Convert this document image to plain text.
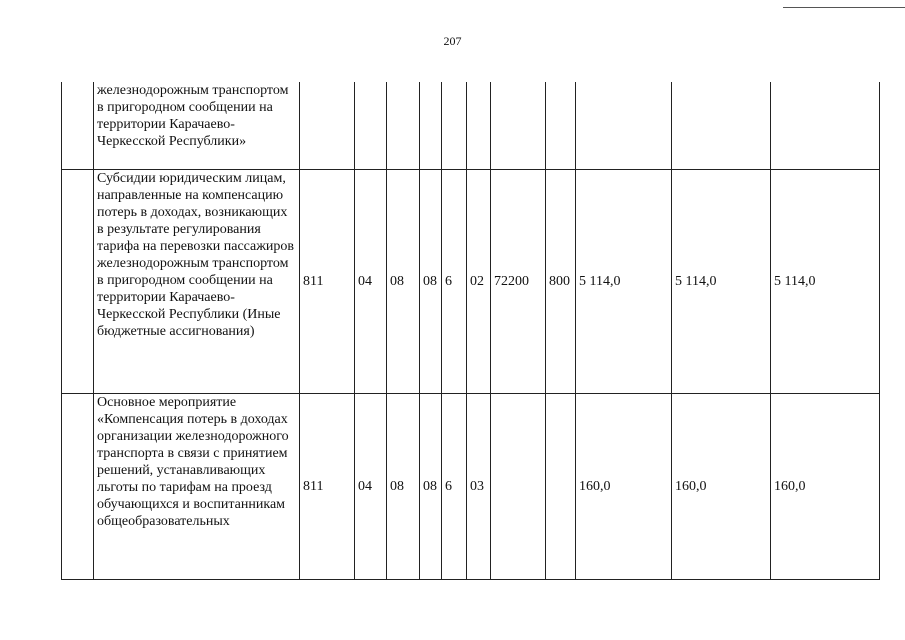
207

	железнодорожным транспортом в пригородном сообщении на территории Карачаево-Черкесской Республики»											

	Субсидии юридическим лицам, направленные на компенсацию потерь в доходах, возникающих в результате регулирования тарифа на перевозки пассажиров железнодорожным транспортом в пригородном сообщении на территории Карачаево-Черкесской Республики (Иные бюджетные ассигнования)	811	04	08	08	6	02	72200	800	5 114,0	5 114,0	5 114,0

	Основное мероприятие «Компенсация потерь в доходах организации железнодорожного транспорта в связи с принятием решений, устанавливающих льготы по тарифам на проезд обучающихся и воспитанникам общеобразовательных	811	04	08	08	6	03			160,0	160,0	160,0
